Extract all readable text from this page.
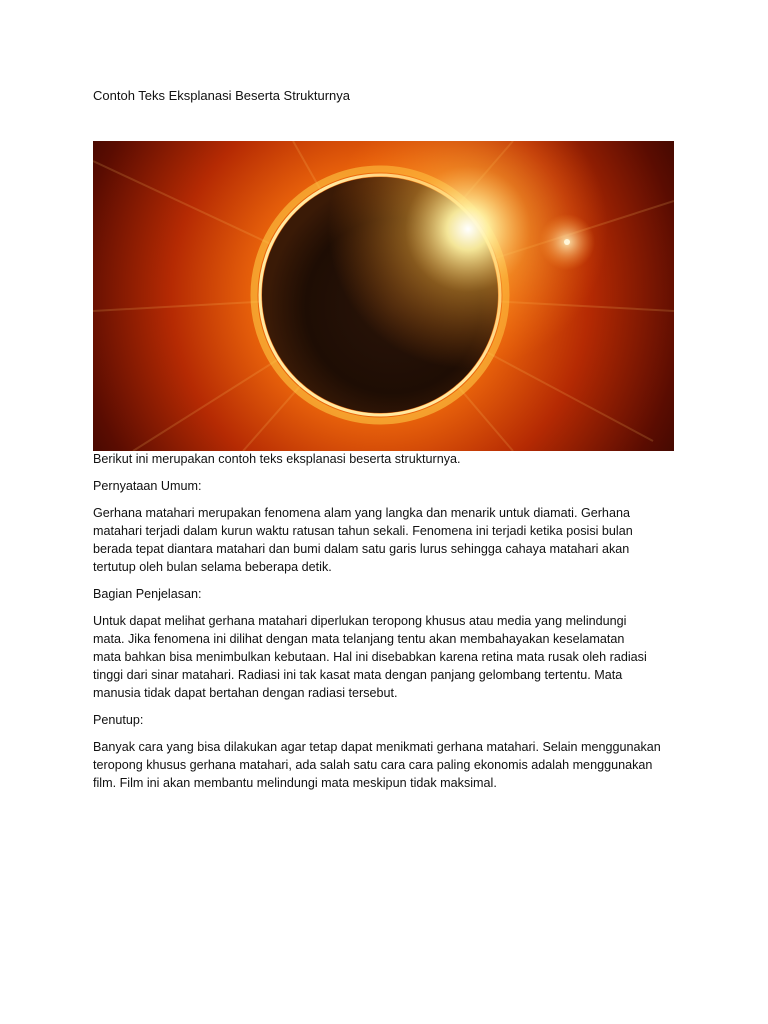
Contoh Teks Eksplanasi Beserta Strukturnya

Berikut ini merupakan contoh teks eksplanasi beserta strukturnya.

Pernyataan Umum:

Gerhana matahari merupakan fenomena alam yang langka dan menarik untuk diamati. Gerhana
matahari terjadi dalam kurun waktu ratusan tahun sekali. Fenomena ini terjadi ketika posisi bulan
berada tepat diantara matahari dan bumi dalam satu garis lurus sehingga cahaya matahari akan
tertutup oleh bulan selama beberapa detik.

Bagian Penjelasan:

Untuk dapat melihat gerhana matahari diperlukan teropong khusus atau media yang melindungi
mata. Jika fenomena ini dilihat dengan mata telanjang tentu akan membahayakan keselamatan
mata bahkan bisa menimbulkan kebutaan. Hal ini disebabkan karena retina mata rusak oleh radiasi
tinggi dari sinar matahari. Radiasi ini tak kasat mata dengan panjang gelombang tertentu. Mata
manusia tidak dapat bertahan dengan radiasi tersebut.

Penutup:

Banyak cara yang bisa dilakukan agar tetap dapat menikmati gerhana matahari. Selain menggunakan
teropong khusus gerhana matahari, ada salah satu cara cara paling ekonomis adalah menggunakan
film. Film ini akan membantu melindungi mata meskipun tidak maksimal.
